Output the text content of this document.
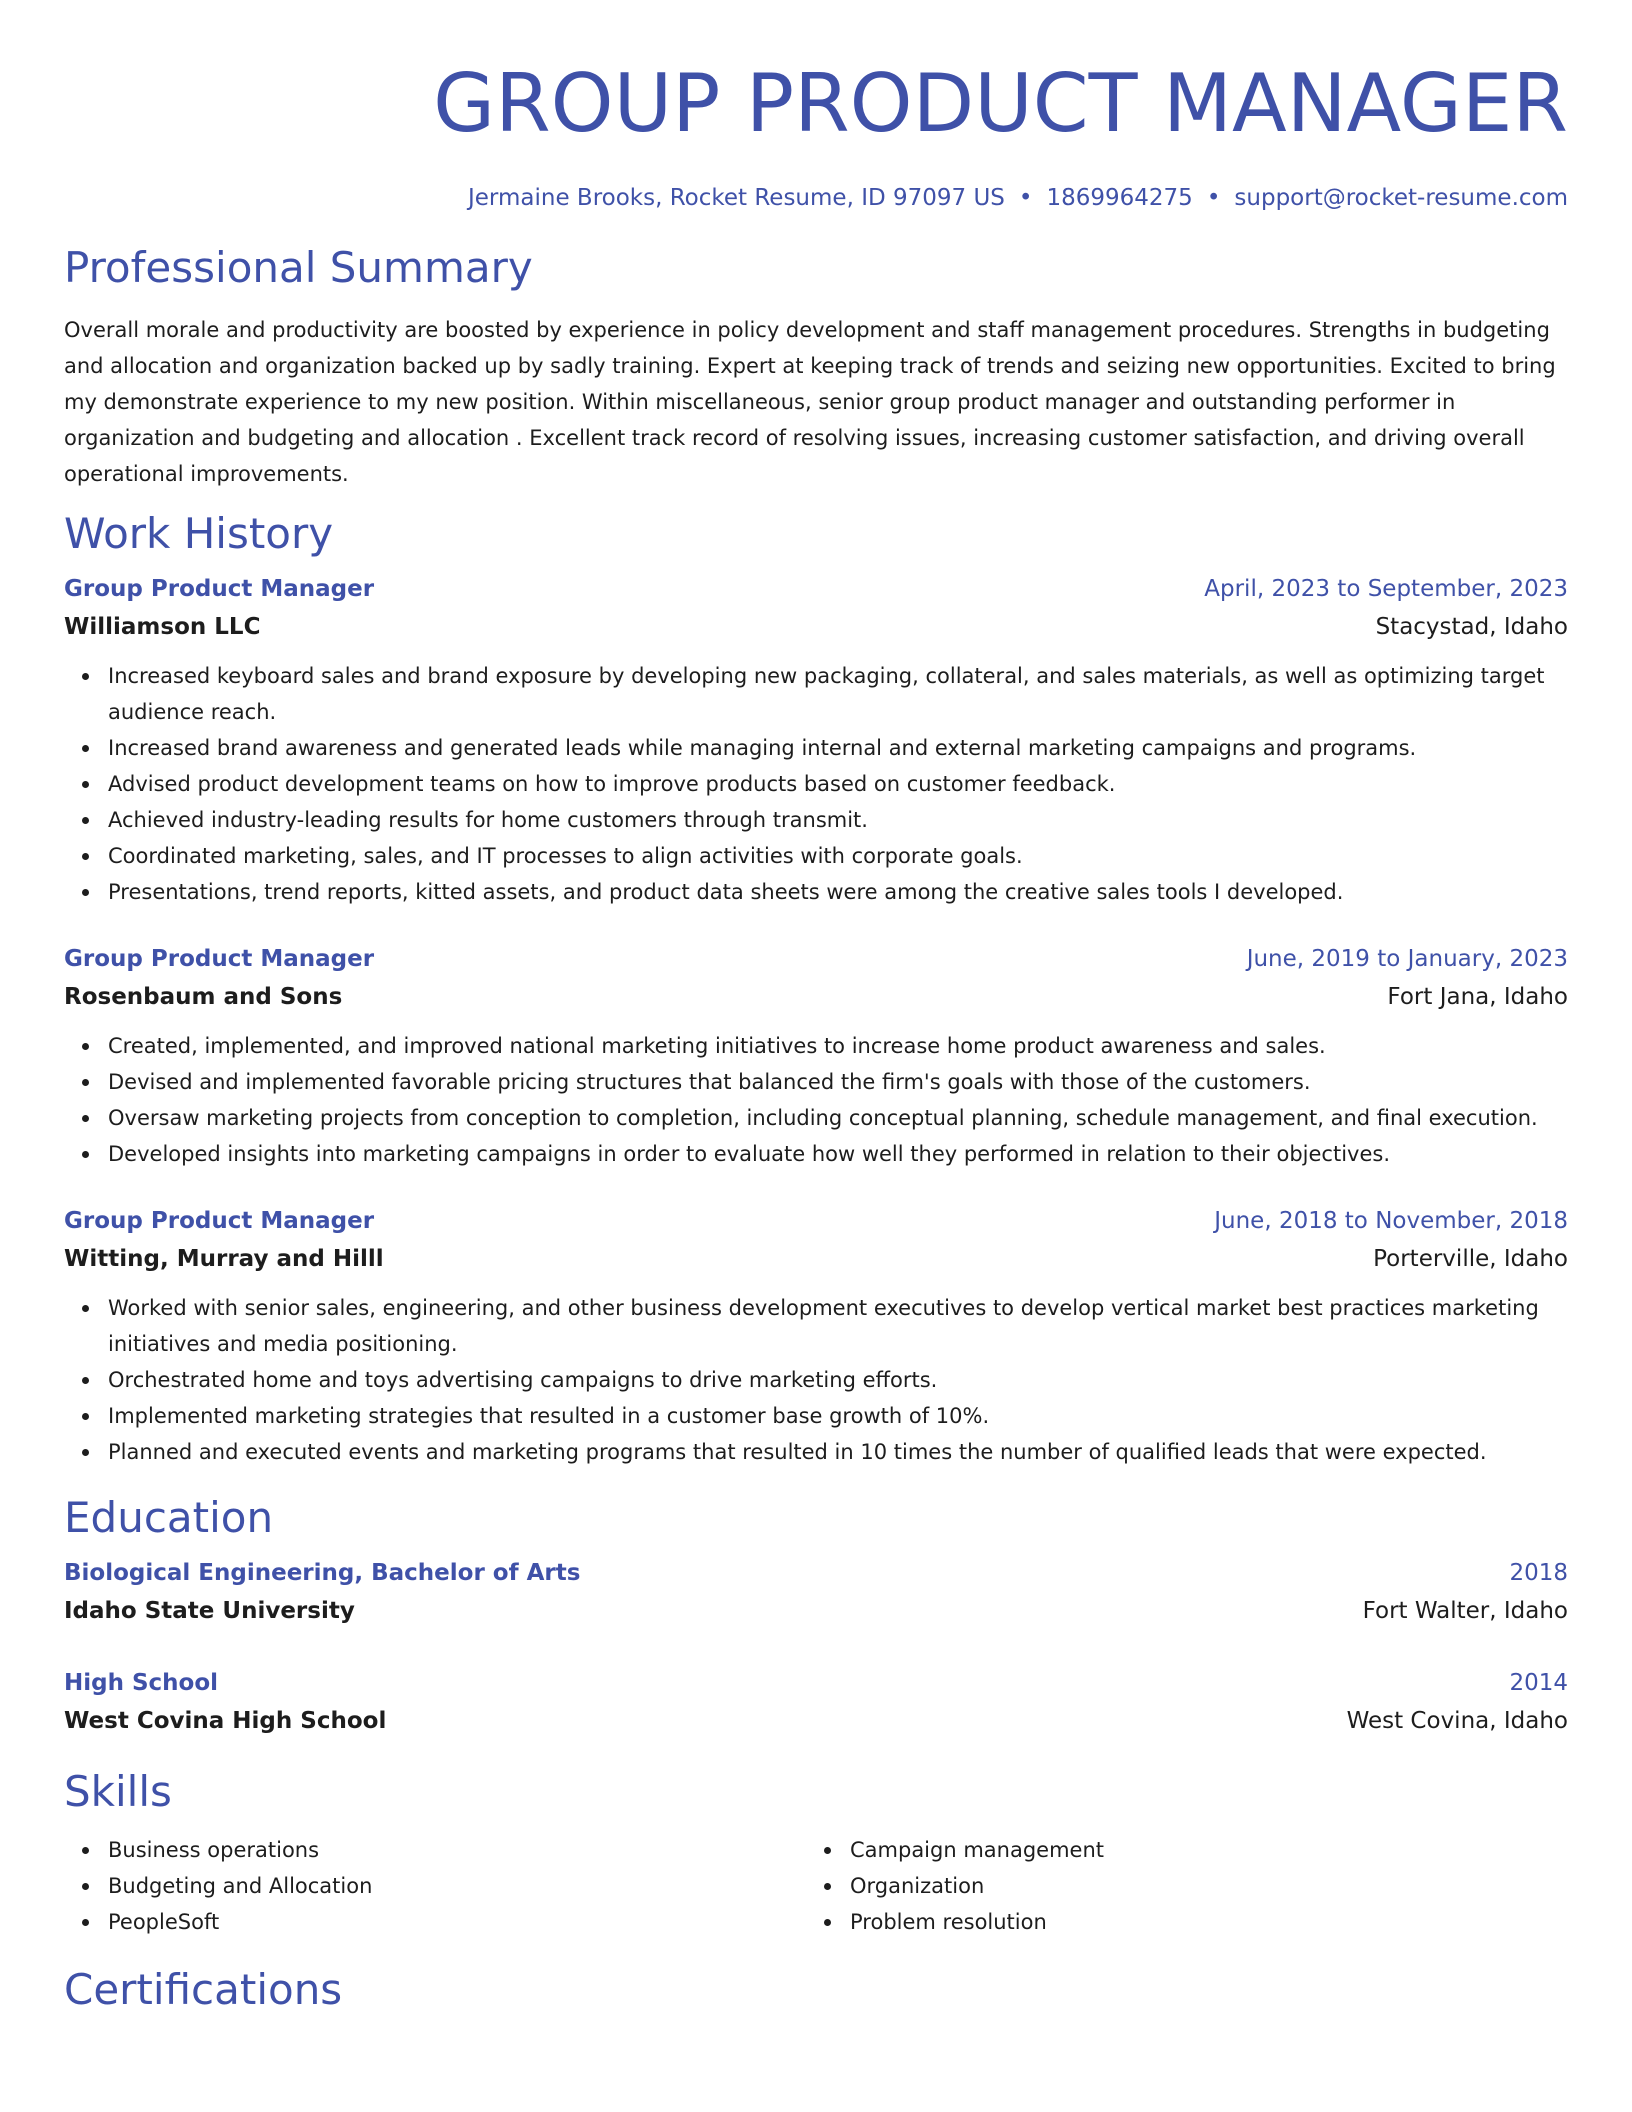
GROUP PRODUCT MANAGER
Jermaine Brooks, Rocket Resume, ID 97097 US • 1869964275 • support@rocket-resume.com
Professional Summary

Overall morale and productivity are boosted by experience in policy development and staff management procedures. Strengths in budgeting and allocation and organization backed up by sadly training. Expert at keeping track of trends and seizing new opportunities. Excited to bring my demonstrate experience to my new position. Within miscellaneous, senior group product manager and outstanding performer in organization and budgeting and allocation . Excellent track record of resolving issues, increasing customer satisfaction, and driving overall operational improvements.

Work History
Group Product Manager	April, 2023 to September, 2023
Williamson LLC	Stacystad, Idaho
Increased keyboard sales and brand exposure by developing new packaging, collateral, and sales materials, as well as optimizing target audience reach.
Increased brand awareness and generated leads while managing internal and external marketing campaigns and programs.
Advised product development teams on how to improve products based on customer feedback.
Achieved industry-leading results for home customers through transmit.
Coordinated marketing, sales, and IT processes to align activities with corporate goals.
Presentations, trend reports, kitted assets, and product data sheets were among the creative sales tools I developed.
Group Product Manager	June, 2019 to January, 2023
Rosenbaum and Sons	Fort Jana, Idaho
Created, implemented, and improved national marketing initiatives to increase home product awareness and sales.
Devised and implemented favorable pricing structures that balanced the firm's goals with those of the customers.
Oversaw marketing projects from conception to completion, including conceptual planning, schedule management, and final execution.
Developed insights into marketing campaigns in order to evaluate how well they performed in relation to their objectives.
Group Product Manager	June, 2018 to November, 2018
Witting, Murray and Hilll	Porterville, Idaho
Worked with senior sales, engineering, and other business development executives to develop vertical market best practices marketing initiatives and media positioning.
Orchestrated home and toys advertising campaigns to drive marketing efforts.
Implemented marketing strategies that resulted in a customer base growth of 10%.
Planned and executed events and marketing programs that resulted in 10 times the number of qualified leads that were expected.
Education
Biological Engineering, Bachelor of Arts	2018
Idaho State University	Fort Walter, Idaho
High School	2014
West Covina High School	West Covina, Idaho
Skills
Business operations
Budgeting and Allocation
PeopleSoft
Campaign management
Organization
Problem resolution
Certifications
